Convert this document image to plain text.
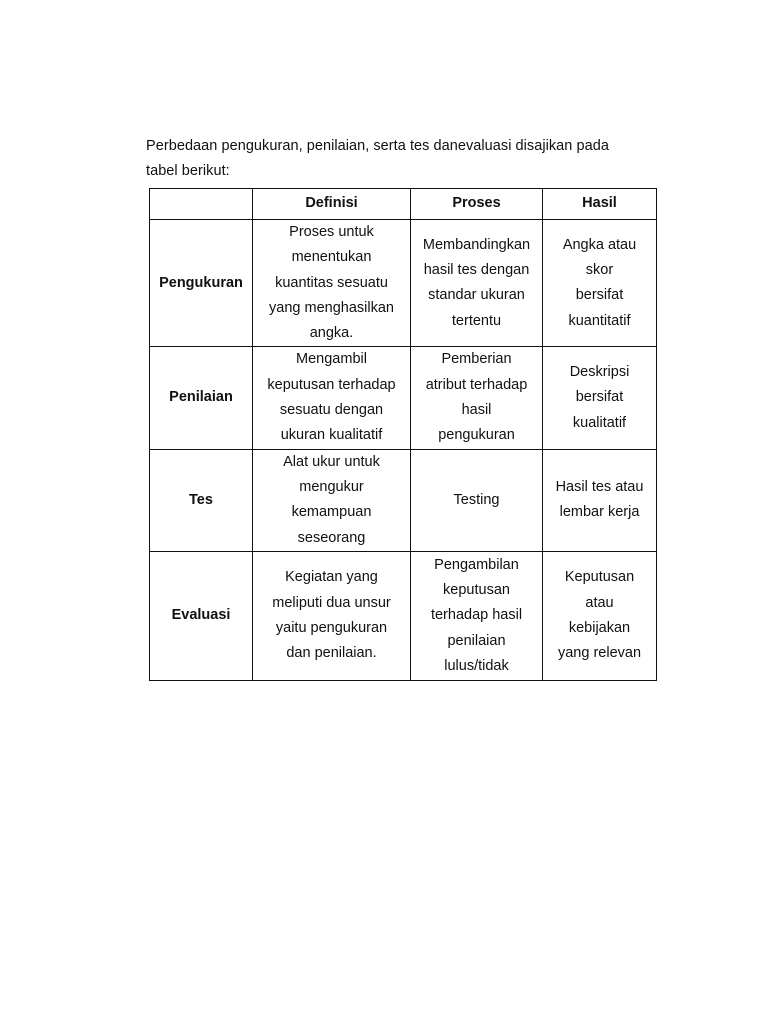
Perbedaan pengukuran, penilaian, serta tes danevaluasi disajikan pada
tabel berikut:

	Definisi	Proses	Hasil
Pengukuran	Proses untuk
menentukan
kuantitas sesuatu
yang menghasilkan
angka.	Membandingkan
hasil tes dengan
standar ukuran
tertentu	Angka atau
skor
bersifat
kuantitatif

Penilaian	Mengambil
keputusan terhadap
sesuatu dengan
ukuran kualitatif	Pemberian
atribut terhadap
hasil
pengukuran	Deskripsi
bersifat
kualitatif

Tes	Alat ukur untuk
mengukur
kemampuan
seseorang	Testing	Hasil tes atau
lembar kerja

Evaluasi	Kegiatan yang
meliputi dua unsur
yaitu pengukuran
dan penilaian.	Pengambilan
keputusan
terhadap hasil
penilaian
lulus/tidak	Keputusan
atau
kebijakan
yang relevan
